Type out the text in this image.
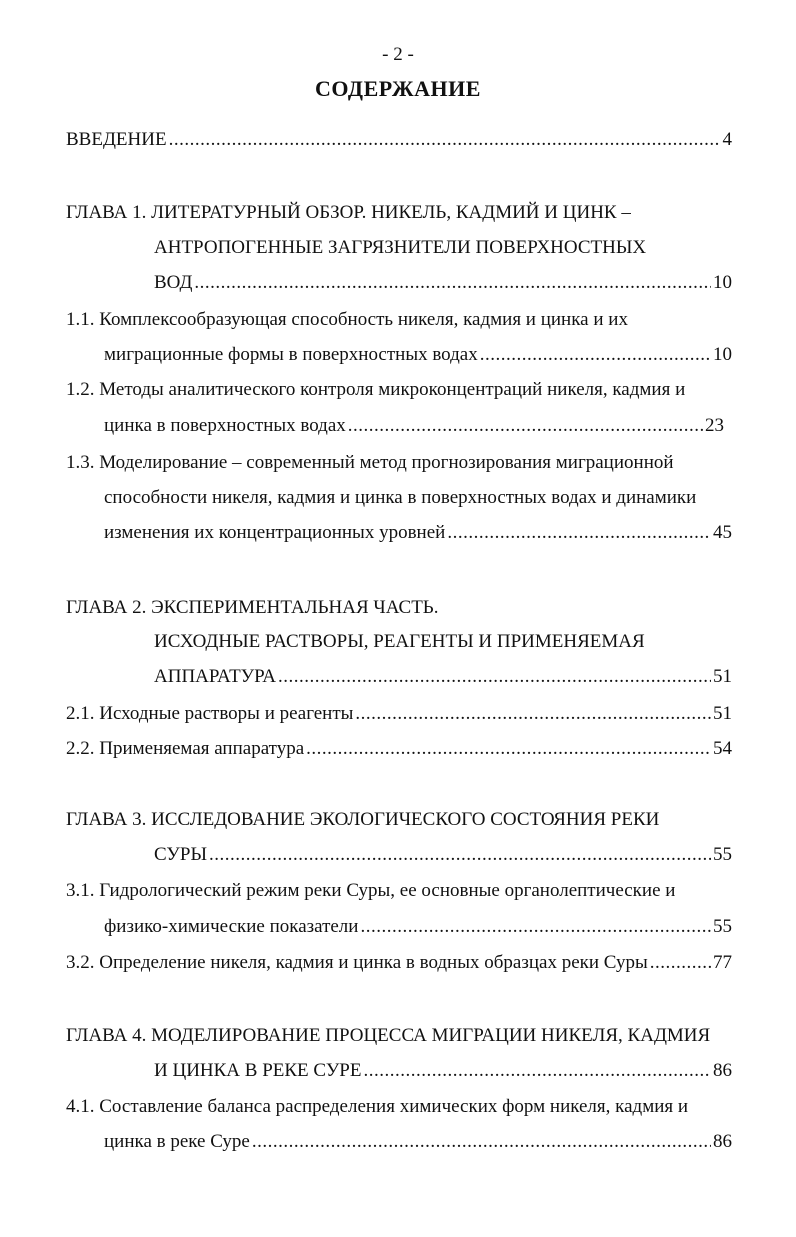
- 2 -
СОДЕРЖАНИЕ
ВВЕДЕНИЕ .....	4
ГЛАВА 1. ЛИТЕРАТУРНЫЙ ОБЗОР. НИКЕЛЬ, КАДМИЙ И ЦИНК –
АНТРОПОГЕННЫЕ ЗАГРЯЗНИТЕЛИ ПОВЕРХНОСТНЫХ
ВОД .....	10
1.1. Комплексообразующая способность никеля, кадмия и цинка и их
миграционные формы в поверхностных водах .....	10
1.2. Методы аналитического контроля микроконцентраций никеля, кадмия и
цинка в поверхностных водах .....	23
1.3. Моделирование – современный метод прогнозирования миграционной
способности никеля, кадмия и цинка в поверхностных водах и динамики
изменения их концентрационных уровней .....	45
ГЛАВА 2. ЭКСПЕРИМЕНТАЛЬНАЯ ЧАСТЬ.
ИСХОДНЫЕ РАСТВОРЫ, РЕАГЕНТЫ И ПРИМЕНЯЕМАЯ
АППАРАТУРА .....	51
2.1. Исходные растворы и реагенты .....	51
2.2. Применяемая аппаратура .....	54
ГЛАВА 3. ИССЛЕДОВАНИЕ ЭКОЛОГИЧЕСКОГО СОСТОЯНИЯ РЕКИ
СУРЫ .....	55
3.1. Гидрологический режим реки Суры, ее основные органолептические и
физико-химические показатели .....	55
3.2. Определение никеля, кадмия и цинка в водных образцах реки Суры .....	77
ГЛАВА 4. МОДЕЛИРОВАНИЕ ПРОЦЕССА МИГРАЦИИ НИКЕЛЯ, КАДМИЯ
И ЦИНКА В РЕКЕ СУРЕ .....	86
4.1. Составление баланса распределения химических форм никеля, кадмия и
цинка в реке Суре .....	86
